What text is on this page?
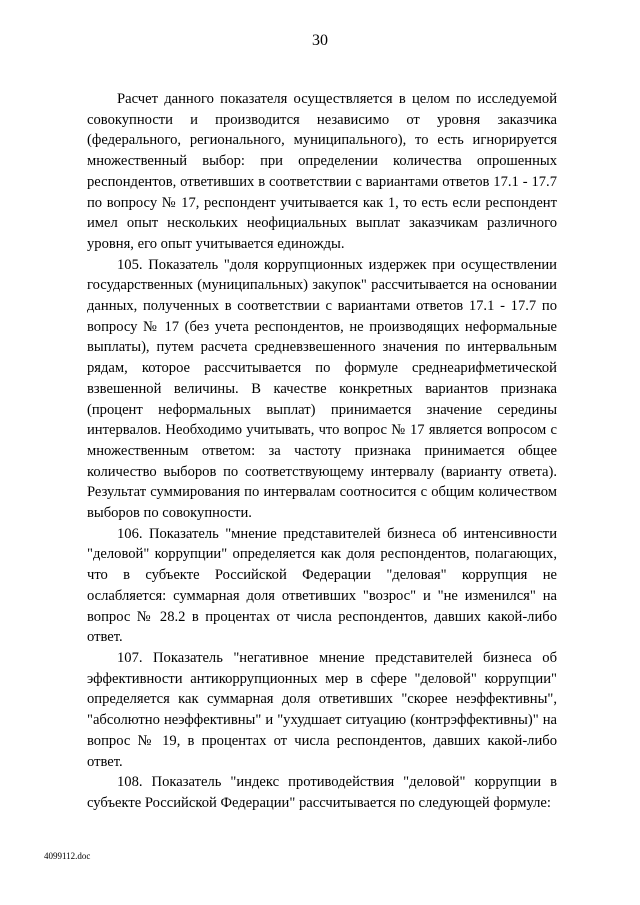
30

Расчет данного показателя осуществляется в целом по исследуемой совокупности и производится независимо от уровня заказчика (федерального, регионального, муниципального), то есть игнорируется множественный выбор: при определении количества опрошенных респондентов, ответивших в соответствии с вариантами ответов 17.1 - 17.7 по вопросу № 17, респондент учитывается как 1, то есть если респондент имел опыт нескольких неофициальных выплат заказчикам различного уровня, его опыт учитывается единожды.

105. Показатель "доля коррупционных издержек при осуществлении государственных (муниципальных) закупок" рассчитывается на основании данных, полученных в соответствии с вариантами ответов 17.1 - 17.7 по вопросу № 17 (без учета респондентов, не производящих неформальные выплаты), путем расчета средневзвешенного значения по интервальным рядам, которое рассчитывается по формуле среднеарифметической взвешенной величины. В качестве конкретных вариантов признака (процент неформальных выплат) принимается значение середины интервалов. Необходимо учитывать, что вопрос № 17 является вопросом с множественным ответом: за частоту признака принимается общее количество выборов по соответствующему интервалу (варианту ответа). Результат суммирования по интервалам соотносится с общим количеством выборов по совокупности.

106. Показатель "мнение представителей бизнеса об интенсивности "деловой" коррупции" определяется как доля респондентов, полагающих, что в субъекте Российской Федерации "деловая" коррупция не ослабляется: суммарная доля ответивших "возрос" и "не изменился" на вопрос № 28.2 в процентах от числа респондентов, давших какой-либо ответ.

107. Показатель "негативное мнение представителей бизнеса об эффективности антикоррупционных мер в сфере "деловой" коррупции" определяется как суммарная доля ответивших "скорее неэффективны", "абсолютно неэффективны" и "ухудшает ситуацию (контрэффективны)" на вопрос № 19, в процентах от числа респондентов, давших какой-либо ответ.

108. Показатель "индекс противодействия "деловой" коррупции в субъекте Российской Федерации" рассчитывается по следующей формуле:

4099112.doc
